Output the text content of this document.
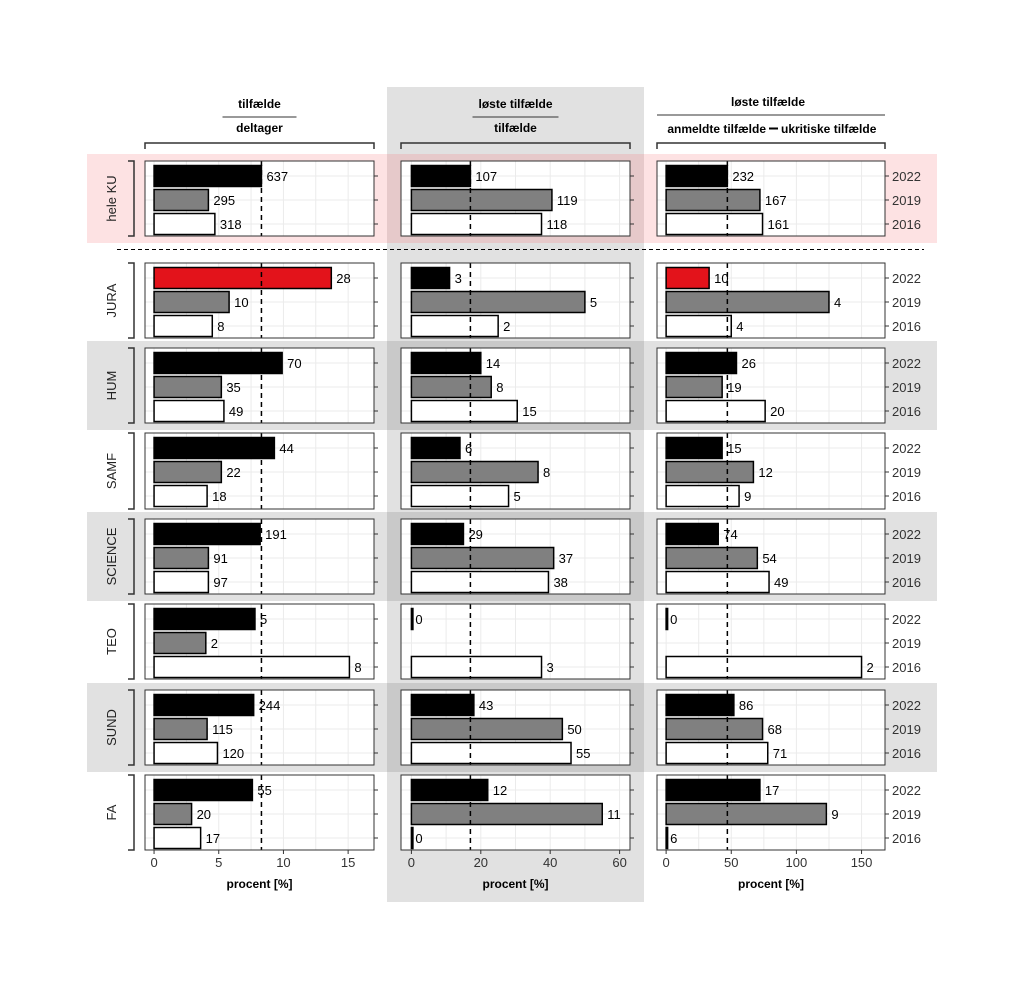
tilfælde
deltager
løste tilfælde
tilfælde
løste tilfælde
anmeldte tilfælde ukritiske tilfælde
637
295
318
107
119
118
232
167
161
2022
2019
2016
hele KU
28
10
8
3
5
2
10
4
4
2022
2019
2016
JURA
70
35
49
14
8
15
26
19
20
2022
2019
2016
HUM
44
22
18
6
8
5
15
12
9
2022
2019
2016
SAMF
191
91
97
29
37
38
74
54
49
2022
2019
2016
SCIENCE
5
2
8
0
3
0
2
2022
2019
2016
TEO
244
115
120
43
50
55
86
68
71
2022
2019
2016
SUND
55
20
17
12
11
0
17
9
6
2022
2019
2016
FA
0	5	10	15
procent [%]
0	20	40	60
procent [%]
0	50	100	150
procent [%]
